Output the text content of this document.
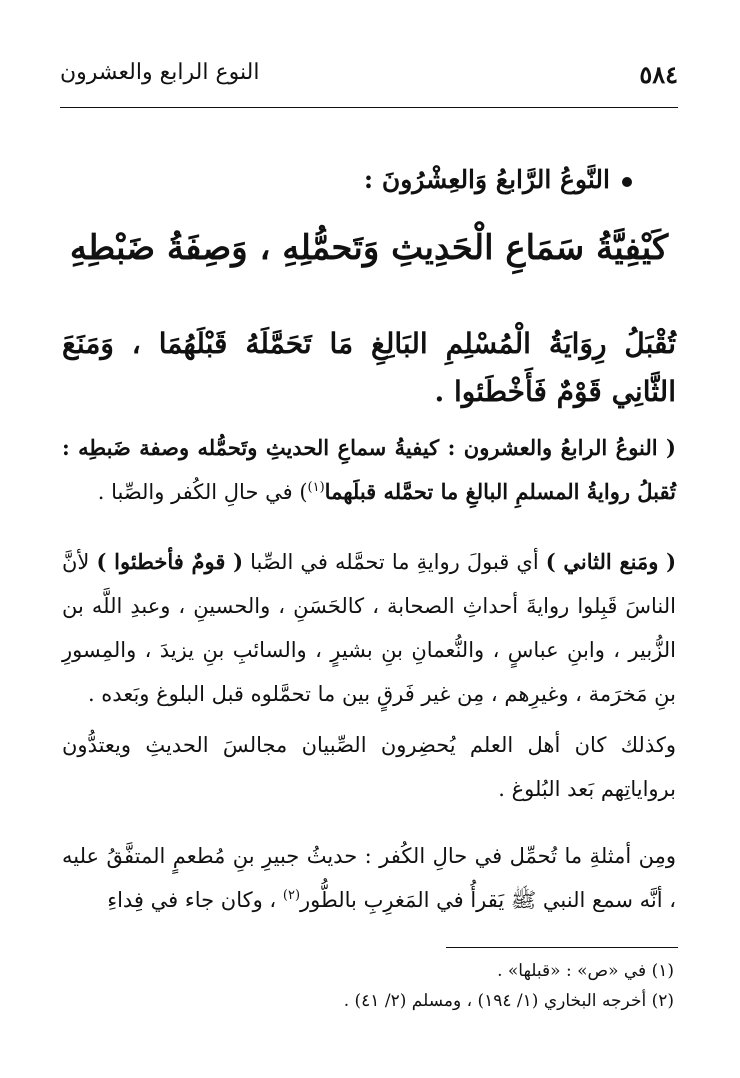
٥٨٤
النوع الرابع والعشرون
النَّوعُ الرَّابعُ وَالعِشْرُونَ :
كَيْفِيَّةُ سَمَاعِ الْحَدِيثِ وَتَحمُّلِهِ ، وَصِفَةُ ضَبْطِهِ
تُقْبَلُ رِوَايَةُ الْمُسْلِمِ البَالِغِ مَا تَحَمَّلَهُ قَبْلَهُمَا ، وَمَنَعَ الثَّانِي قَوْمٌ فَأَخْطَئوا .
( النوعُ الرابعُ والعشرون : كيفيةُ سماعِ الحديثِ وتَحمُّله وصفة ضَبطِه : تُقبلُ روايةُ المسلمِ البالغِ ما تحمَّله قبلَهما$^{(١)}$) في حالِ الكُفر والصِّبا .
( ومَنع الثاني ) أي قبولَ روايةِ ما تحمَّله في الصِّبا ( قومٌ فأخطئوا ) لأنَّ الناسَ قَبِلوا روايةَ أحداثِ الصحابة ، كالحَسَنِ ، والحسينِ ، وعبدِ اللَّه بن الزُّبير ، وابنِ عباسٍ ، والنُّعمانِ بنِ بشيرٍ ، والسائبِ بنِ يزيدَ ، والمِسورِ بنِ مَخرَمة ، وغيرِهم ، مِن غير فَرقٍ بين ما تحمَّلوه قبل البلوغ وبَعده .
وكذلك كان أهل العلم يُحضِرون الصِّبيان مجالسَ الحديثِ ويعتدُّون برواياتِهم بَعد البُلوغ .
ومِن أمثلةِ ما تُحمِّل في حالِ الكُفر : حديثُ جبيرِ بنِ مُطعمٍ المتفَّقُ عليه ، أنَّه سمع النبي ﷺ يَقرأُ في المَغرِبِ بالطُّور$^{(٢)}$ ، وكان جاء في فِداءِ
(١) في «ص» : «قبلها» .
(٢) أخرجه البخاري (١/ ١٩٤) ، ومسلم (٢/ ٤١) .
